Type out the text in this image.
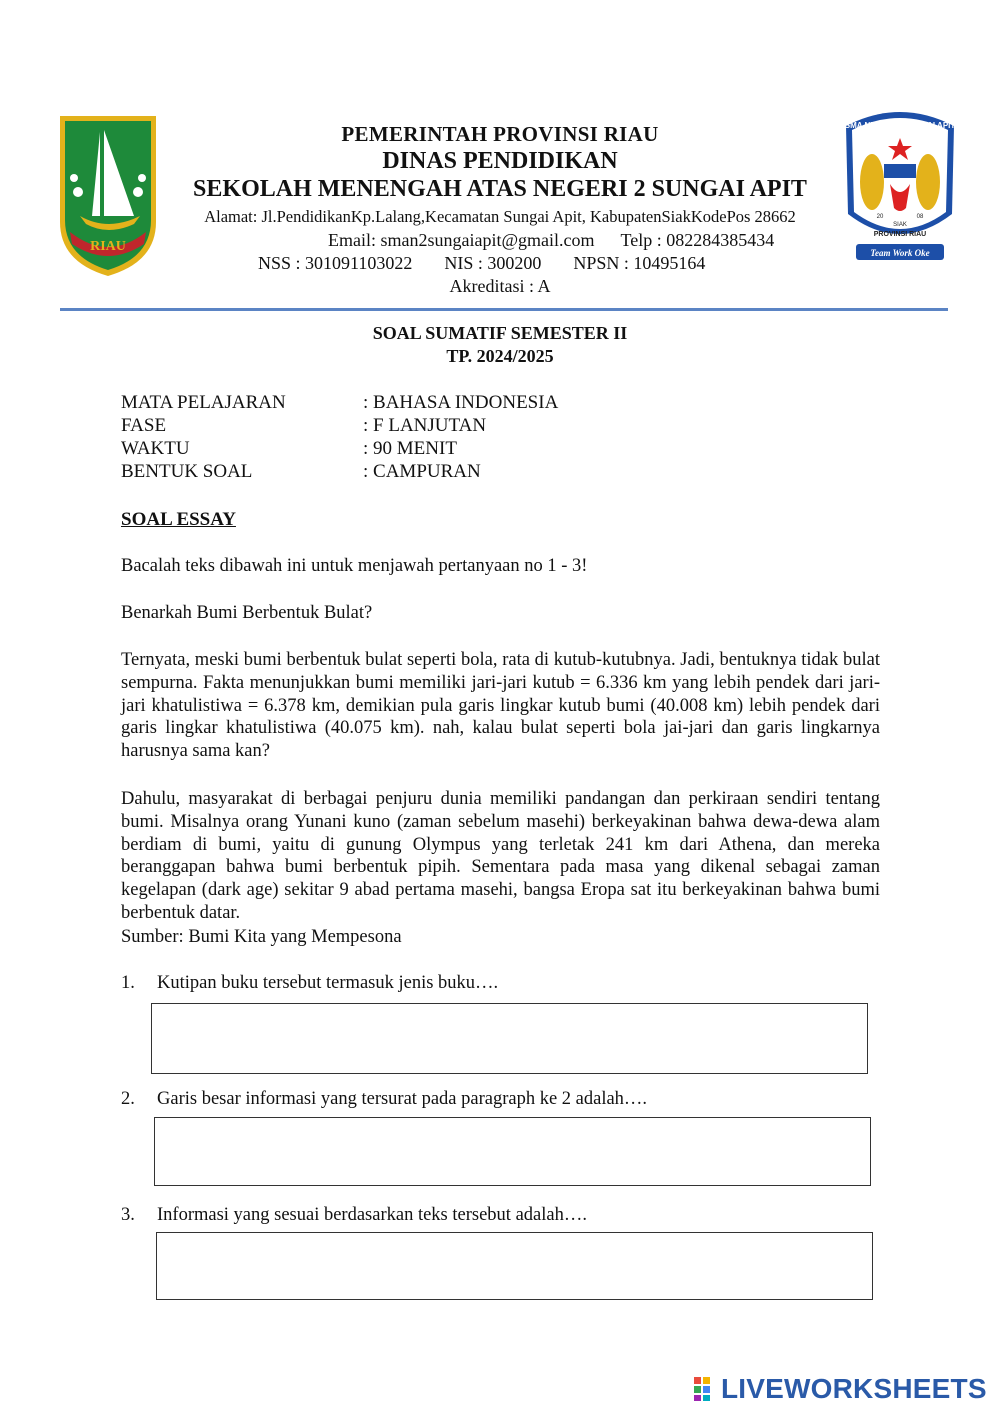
RIAU
SMA NEGERI 2 SUNGAI APIT
20	08
SIAK
PROVINSI RIAU
Team Work Oke
PEMERINTAH PROVINSI RIAU
DINAS PENDIDIKAN
SEKOLAH MENENGAH ATAS NEGERI 2 SUNGAI APIT
Alamat: Jl.PendidikanKp.Lalang,Kecamatan Sungai Apit, KabupatenSiakKodePos 28662
Email: sman2sungaiapit@gmail.com Telp : 082284385434
NSS : 301091103022 NIS : 300200 NPSN : 10495164
Akreditasi : A
SOAL SUMATIF SEMESTER II
TP. 2024/2025
MATA PELAJARAN	: BAHASA INDONESIA
FASE	: F LANJUTAN
WAKTU	: 90 MENIT
BENTUK SOAL	: CAMPURAN
SOAL ESSAY
Bacalah teks dibawah ini untuk menjawah pertanyaan no 1 - 3!
Benarkah Bumi Berbentuk Bulat?
Ternyata, meski bumi berbentuk bulat seperti bola, rata di kutub-kutubnya. Jadi, bentuknya tidak bulat sempurna. Fakta menunjukkan bumi memiliki jari-jari kutub = 6.336 km yang lebih pendek dari jari-jari khatulistiwa = 6.378 km, demikian pula garis lingkar kutub bumi (40.008 km) lebih pendek dari garis lingkar khatulistiwa (40.075 km). nah, kalau bulat seperti bola jai-jari dan garis lingkarnya harusnya sama kan?
Dahulu, masyarakat di berbagai penjuru dunia memiliki pandangan dan perkiraan sendiri tentang bumi. Misalnya orang Yunani kuno (zaman sebelum masehi) berkeyakinan bahwa dewa-dewa alam berdiam di bumi, yaitu di gunung Olympus yang terletak 241 km dari Athena, dan mereka beranggapan bahwa bumi berbentuk pipih. Sementara pada masa yang dikenal sebagai zaman kegelapan (dark age) sekitar 9 abad pertama masehi, bangsa Eropa sat itu berkeyakinan bahwa bumi berbentuk datar.
Sumber: Bumi Kita yang Mempesona
1. Kutipan buku tersebut termasuk jenis buku….
2. Garis besar informasi yang tersurat pada paragraph ke 2 adalah….
3. Informasi yang sesuai berdasarkan teks tersebut adalah….
LIVEWORKSHEETS
